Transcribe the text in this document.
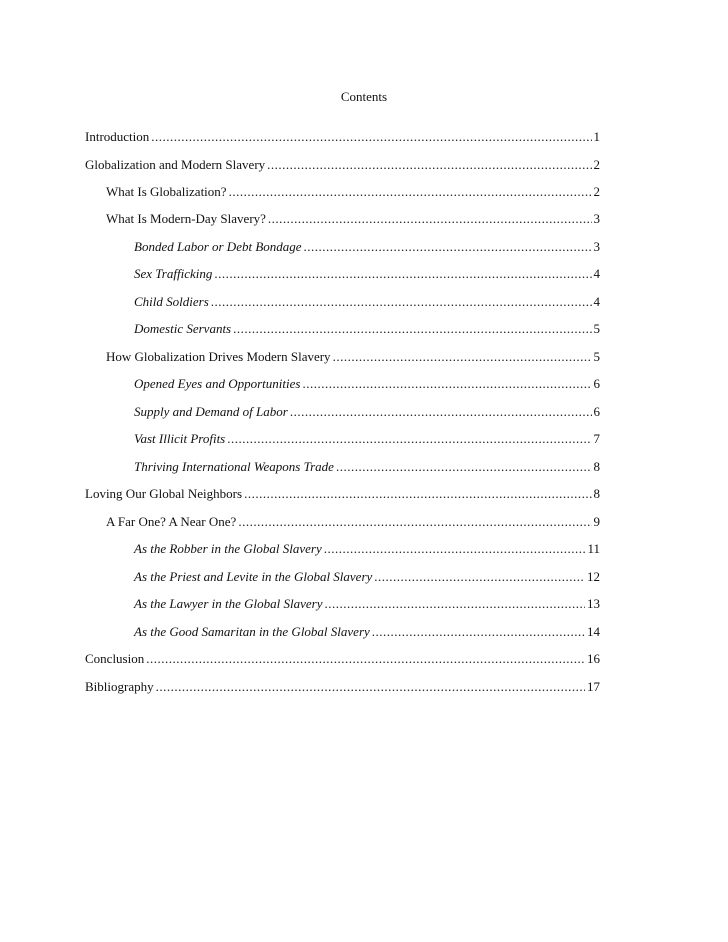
Contents
Introduction .....	1
Globalization and Modern Slavery .....	2
What Is Globalization? .....	2
What Is Modern-Day Slavery? .....	3
Bonded Labor or Debt Bondage .....	3
Sex Trafficking .....	4
Child Soldiers .....	4
Domestic Servants .....	5
How Globalization Drives Modern Slavery .....	5
Opened Eyes and Opportunities .....	6
Supply and Demand of Labor .....	6
Vast Illicit Profits .....	7
Thriving International Weapons Trade .....	8
Loving Our Global Neighbors .....	8
A Far One? A Near One? .....	9
As the Robber in the Global Slavery .....	11
As the Priest and Levite in the Global Slavery .....	12
As the Lawyer in the Global Slavery .....	13
As the Good Samaritan in the Global Slavery .....	14
Conclusion .....	16
Bibliography .....	17
